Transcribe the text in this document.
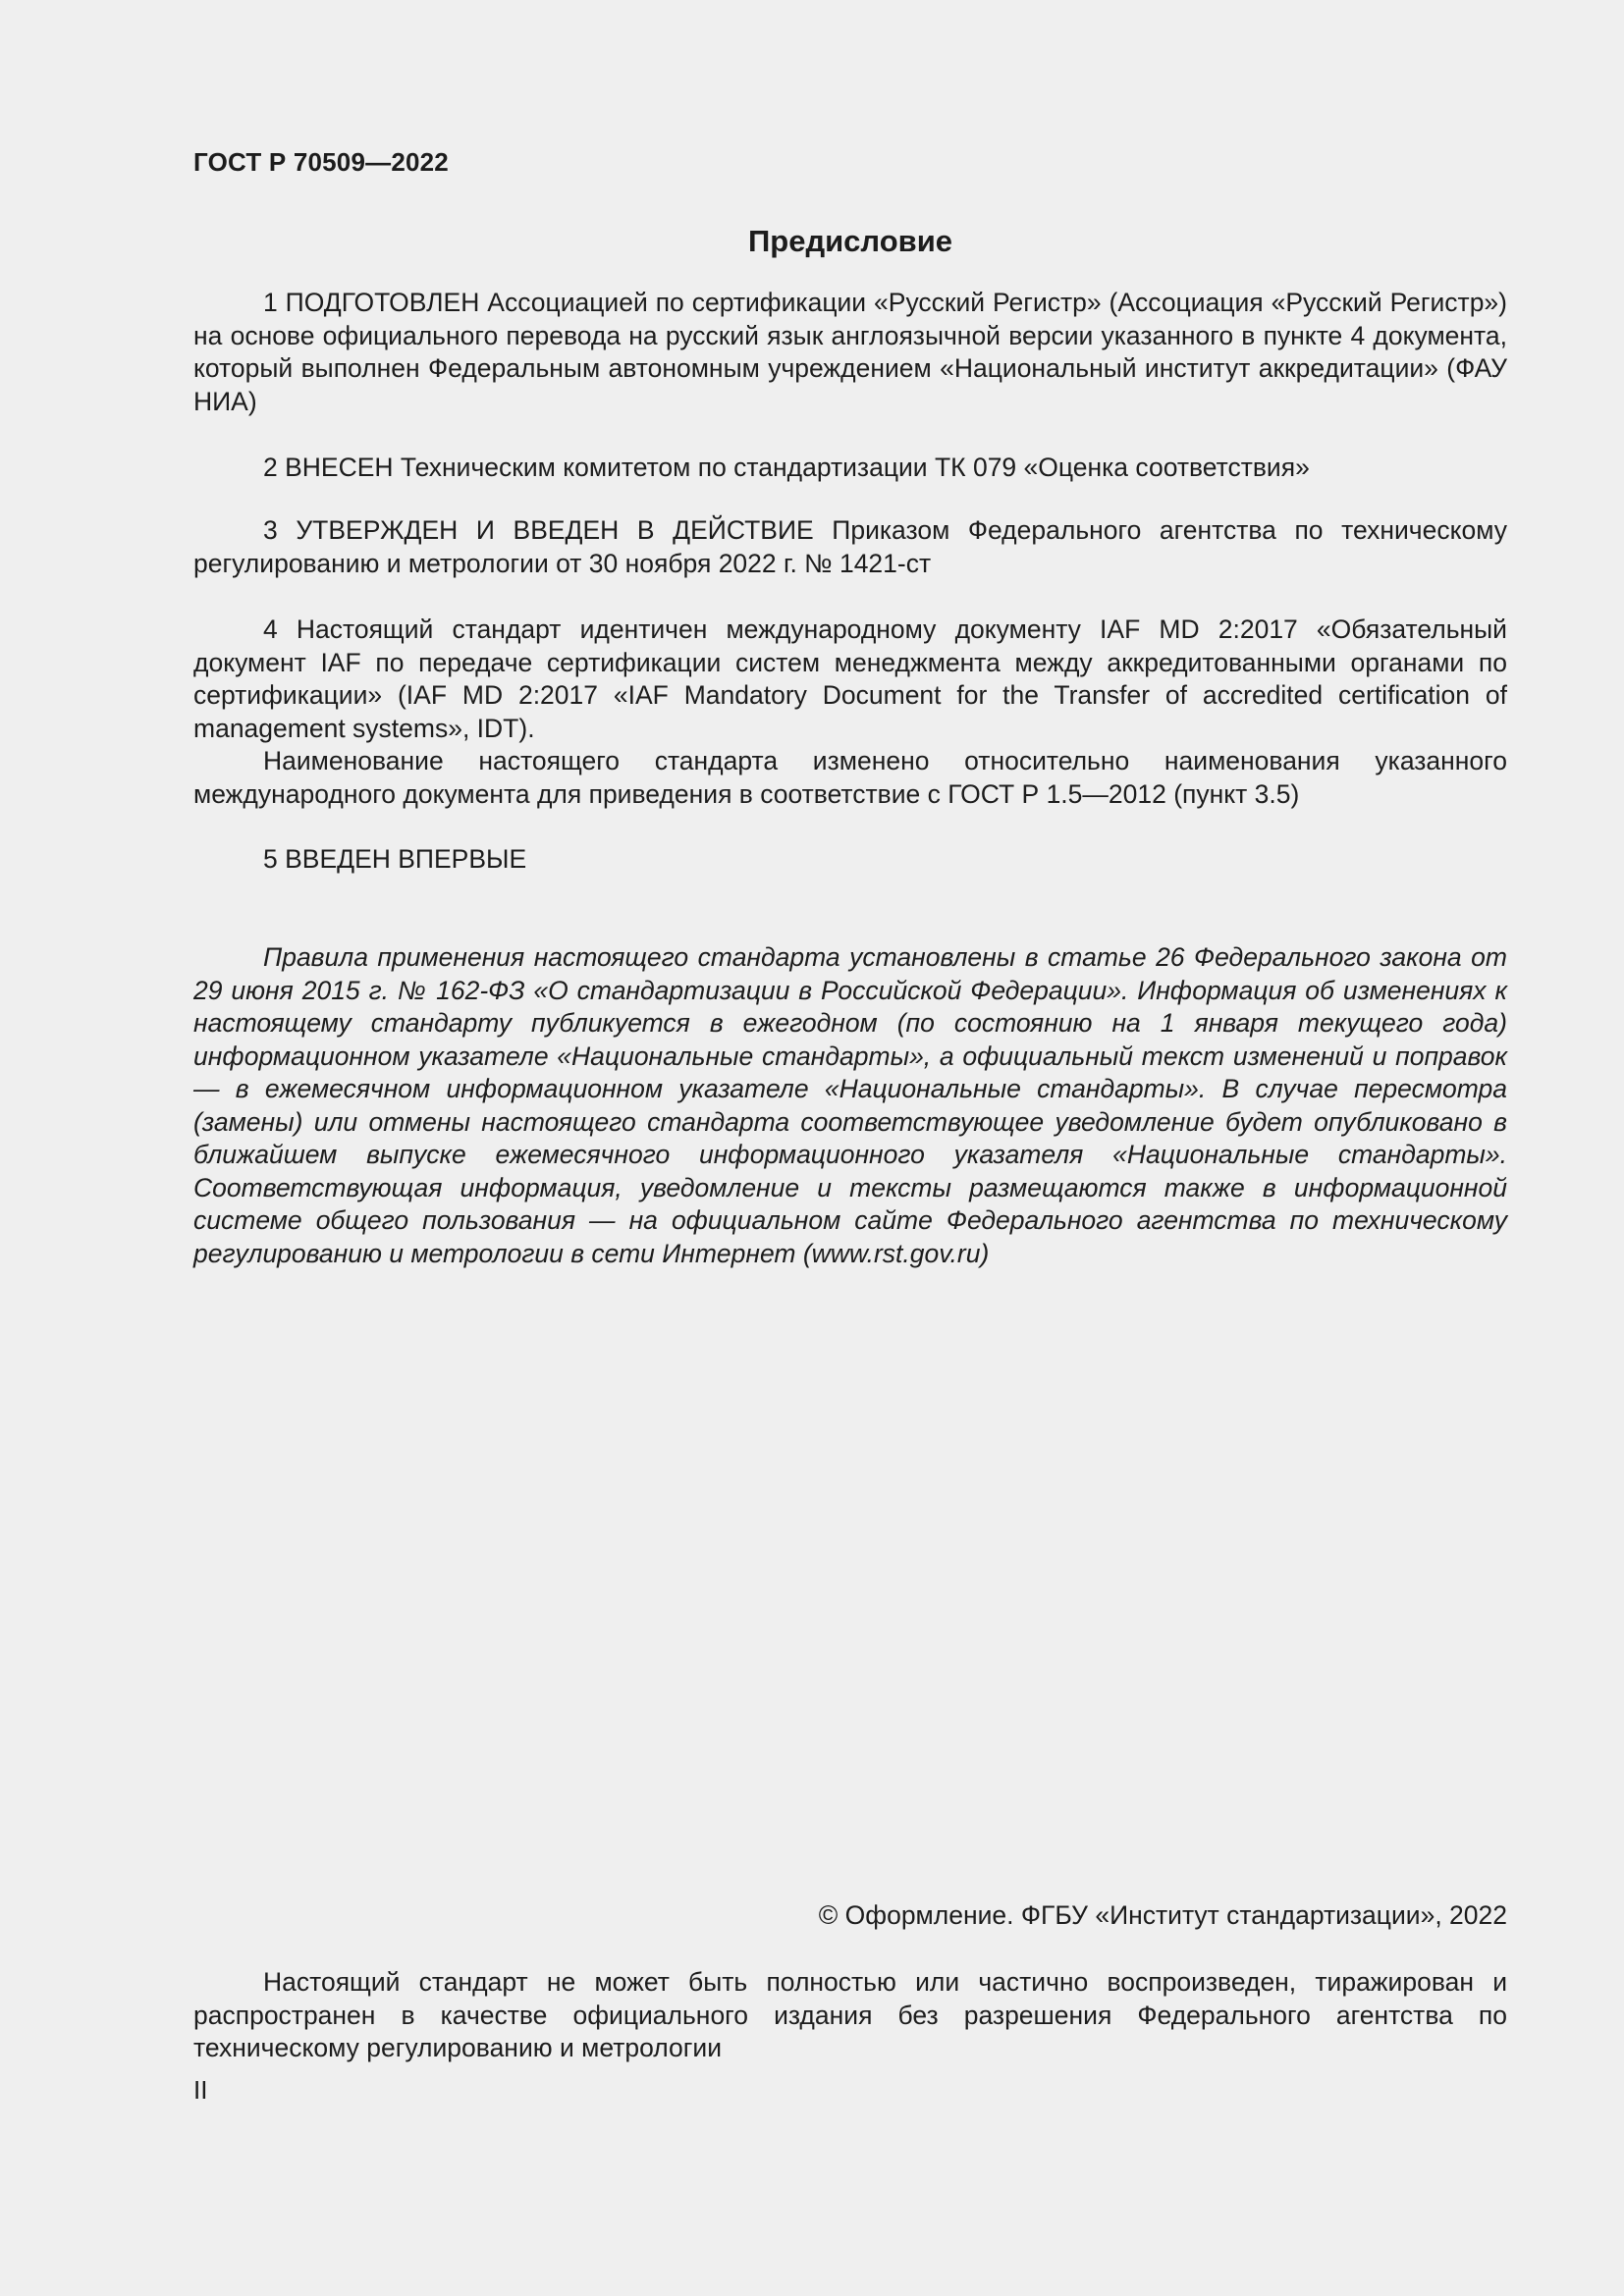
ГОСТ Р 70509—2022
Предисловие

1 ПОДГОТОВЛЕН Ассоциацией по сертификации «Русский Регистр» (Ассоциация «Русский Регистр») на основе официального перевода на русский язык англоязычной версии указанного в пункте 4 документа, который выполнен Федеральным автономным учреждением «Национальный институт аккредитации» (ФАУ НИА)

2 ВНЕСЕН Техническим комитетом по стандартизации ТК 079 «Оценка соответствия»

3 УТВЕРЖДЕН И ВВЕДЕН В ДЕЙСТВИЕ Приказом Федерального агентства по техническому регулированию и метрологии от 30 ноября 2022 г. № 1421-ст

4 Настоящий стандарт идентичен международному документу IAF MD 2:2017 «Обязательный документ IAF по передаче сертификации систем менеджмента между аккредитованными органами по сертификации» (IAF MD 2:2017 «IAF Mandatory Document for the Transfer of accredited certification of management systems», IDT).

Наименование настоящего стандарта изменено относительно наименования указанного международного документа для приведения в соответствие с ГОСТ Р 1.5—2012 (пункт 3.5)

5 ВВЕДЕН ВПЕРВЫЕ

Правила применения настоящего стандарта установлены в статье 26 Федерального закона от 29 июня 2015 г. № 162-ФЗ «О стандартизации в Российской Федерации». Информация об изменениях к настоящему стандарту публикуется в ежегодном (по состоянию на 1 января текущего года) информационном указателе «Национальные стандарты», а официальный текст изменений и поправок — в ежемесячном информационном указателе «Национальные стандарты». В случае пересмотра (замены) или отмены настоящего стандарта соответствующее уведомление будет опубликовано в ближайшем выпуске ежемесячного информационного указателя «Национальные стандарты». Соответствующая информация, уведомление и тексты размещаются также в информационной системе общего пользования — на официальном сайте Федерального агентства по техническому регулированию и метрологии в сети Интернет (www.rst.gov.ru)

© Оформление. ФГБУ «Институт стандартизации», 2022

Настоящий стандарт не может быть полностью или частично воспроизведен, тиражирован и распространен в качестве официального издания без разрешения Федерального агентства по техническому регулированию и метрологии

II
